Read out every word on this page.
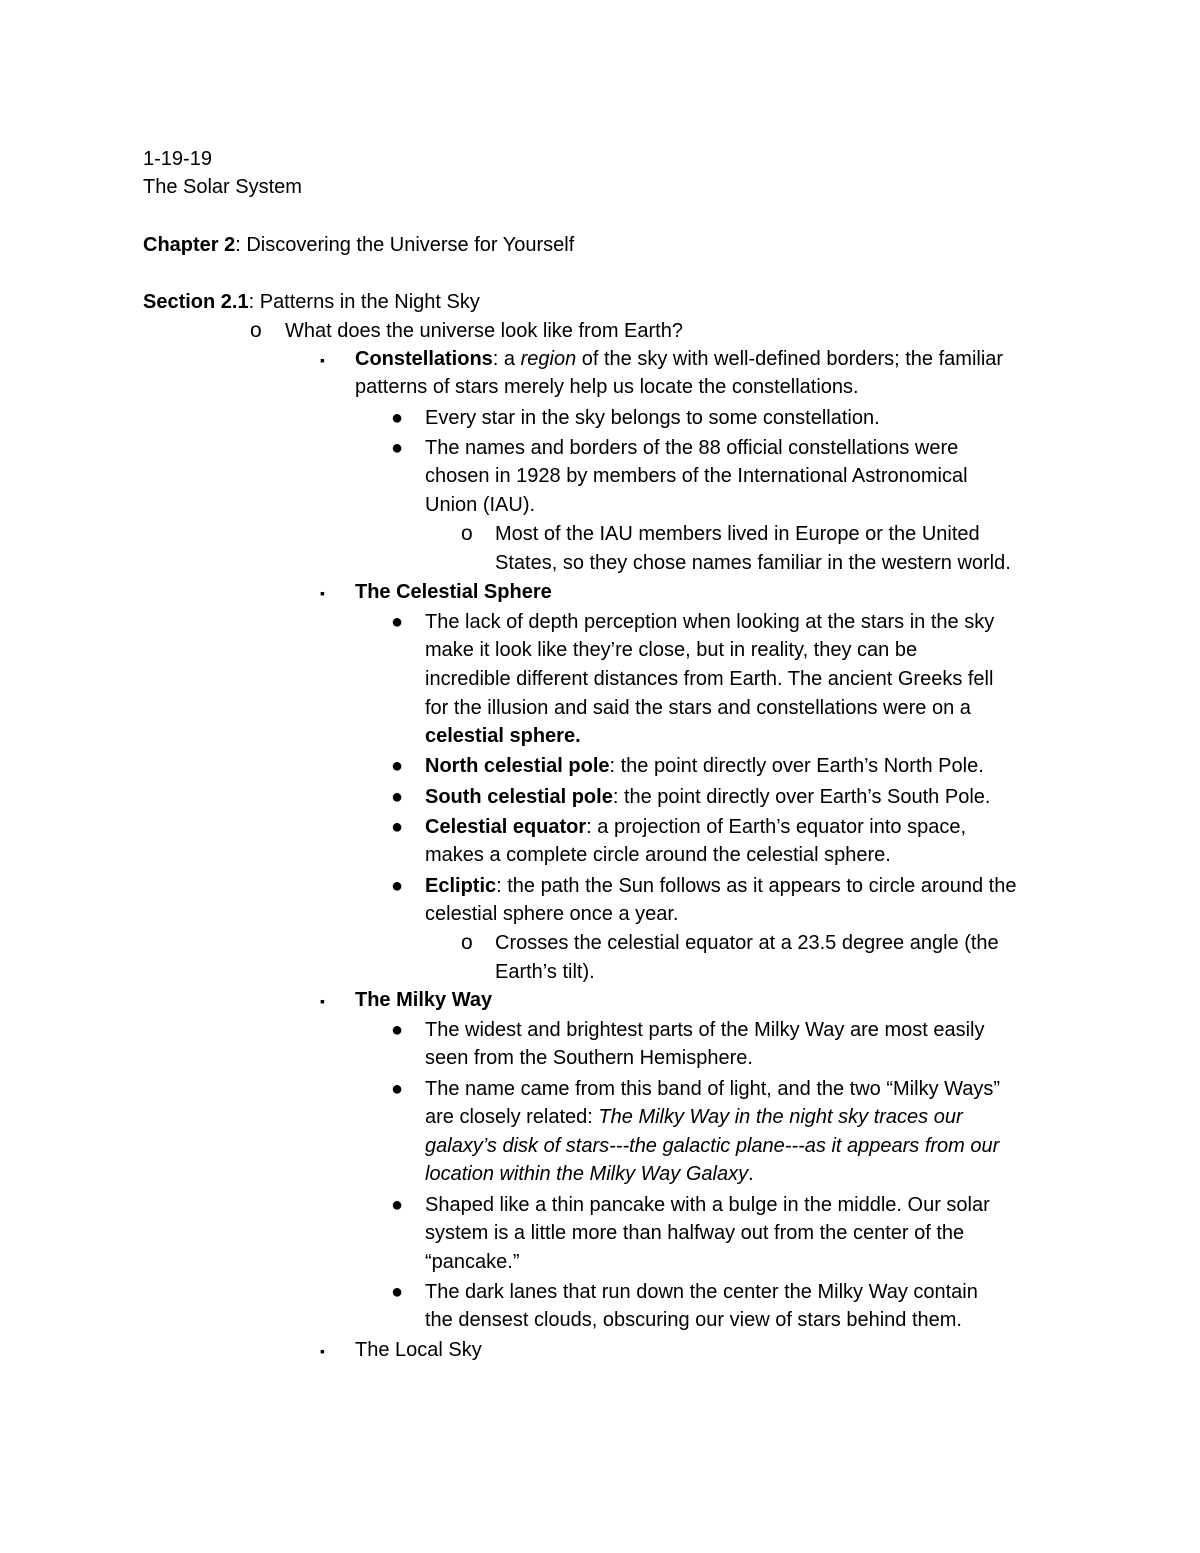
1-19-19
The Solar System
Chapter 2: Discovering the Universe for Yourself
Section 2.1: Patterns in the Night Sky
o What does the universe look like from Earth?
▪ Constellations: a region of the sky with well-defined borders; the familiar
patterns of stars merely help us locate the constellations.
● Every star in the sky belongs to some constellation.
● The names and borders of the 88 official constellations were
chosen in 1928 by members of the International Astronomical
Union (IAU).
o Most of the IAU members lived in Europe or the United
States, so they chose names familiar in the western world.
▪ The Celestial Sphere
● The lack of depth perception when looking at the stars in the sky
make it look like they’re close, but in reality, they can be
incredible different distances from Earth. The ancient Greeks fell
for the illusion and said the stars and constellations were on a
celestial sphere.
● North celestial pole: the point directly over Earth’s North Pole.
● South celestial pole: the point directly over Earth’s South Pole.
● Celestial equator: a projection of Earth’s equator into space,
makes a complete circle around the celestial sphere.
● Ecliptic: the path the Sun follows as it appears to circle around the
celestial sphere once a year.
o Crosses the celestial equator at a 23.5 degree angle (the
Earth’s tilt).
▪ The Milky Way
● The widest and brightest parts of the Milky Way are most easily
seen from the Southern Hemisphere.
● The name came from this band of light, and the two “Milky Ways”
are closely related: The Milky Way in the night sky traces our
galaxy’s disk of stars---the galactic plane---as it appears from our
location within the Milky Way Galaxy.
● Shaped like a thin pancake with a bulge in the middle. Our solar
system is a little more than halfway out from the center of the
“pancake.”
● The dark lanes that run down the center the Milky Way contain
the densest clouds, obscuring our view of stars behind them.
▪ The Local Sky
